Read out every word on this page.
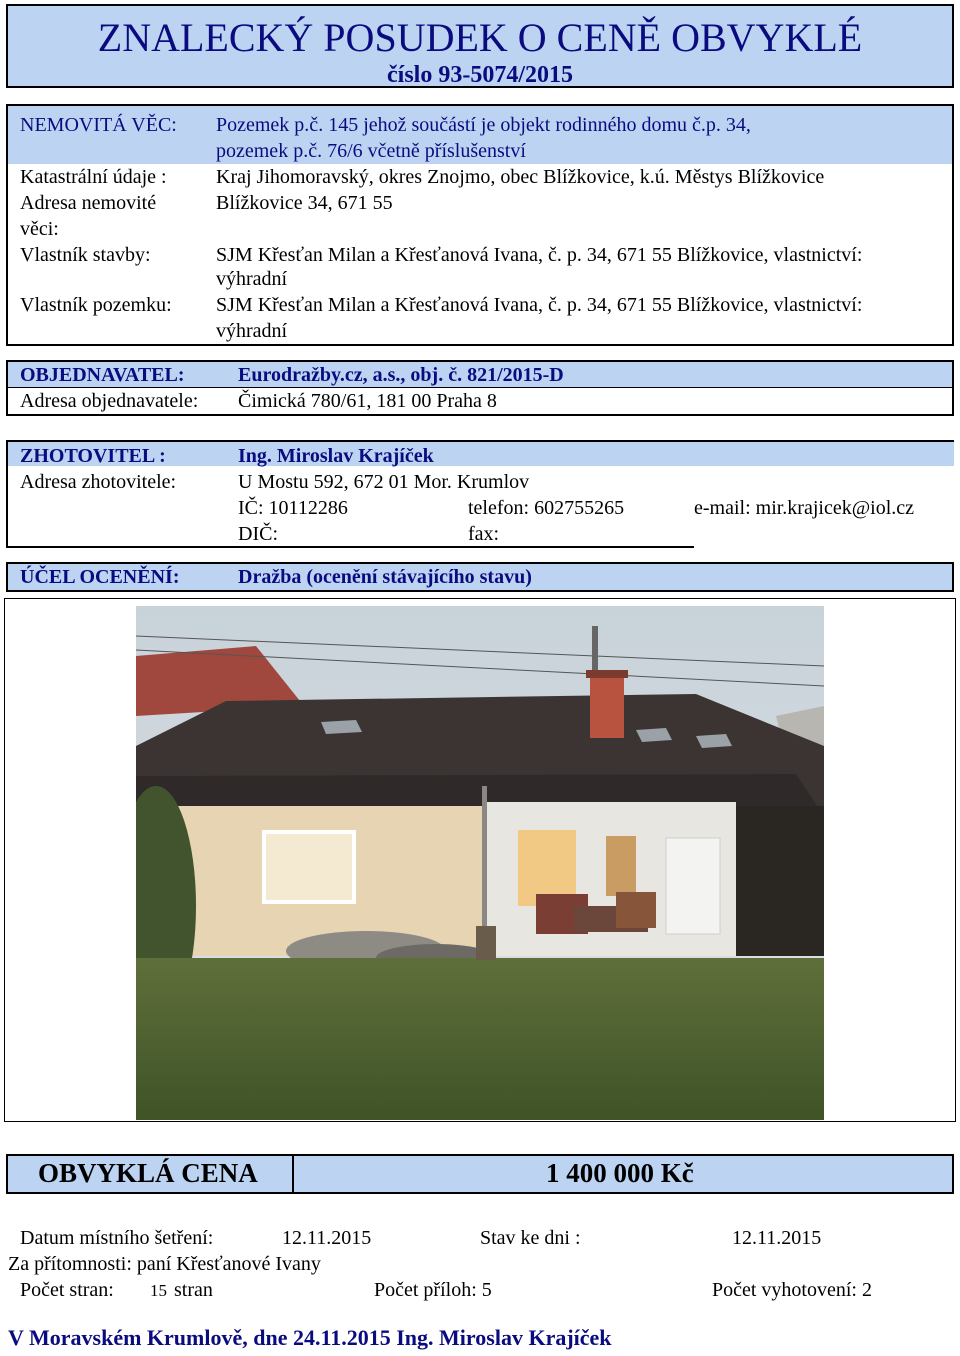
ZNALECKÝ POSUDEK O CENĚ OBVYKLÉ
číslo 93-5074/2015
NEMOVITÁ VĚC: Pozemek p.č. 145 jehož součástí je objekt rodinného domu č.p. 34,
pozemek p.č. 76/6 včetně příslušenství
Katastrální údaje : Kraj Jihomoravský, okres Znojmo, obec Blížkovice, k.ú. Městys Blížkovice
Adresa nemovité
věci:
Blížkovice 34, 671 55
Vlastník stavby:	SJM Křesťan Milan a Křesťanová Ivana, č. p. 34, 671 55 Blížkovice, vlastnictví:
výhradní
Vlastník pozemku: SJM Křesťan Milan a Křesťanová Ivana, č. p. 34, 671 55 Blížkovice, vlastnictví:
výhradní
OBJEDNAVATEL:	Eurodražby.cz, a.s., obj. č. 821/2015-D
Adresa objednavatele: Čimická 780/61, 181 00 Praha 8
ZHOTOVITEL :	Ing. Miroslav Krajíček
Adresa zhotovitele:	U Mostu 592, 672 01 Mor. Krumlov
IČ: 10112286	telefon: 602755265	e-mail: mir.krajicek@iol.cz
DIČ:	fax:
ÚČEL OCENĚNÍ:	Dražba (ocenění stávajícího stavu)
OBVYKLÁ CENA	1 400 000 Kč
Datum místního šetření:	12.11.2015	Stav ke dni :	12.11.2015
Za přítomnosti: paní Křesťanové Ivany
Počet stran: 15 stran	Počet příloh: 5	Počet vyhotovení: 2
V Moravském Krumlově, dne 24.11.2015 Ing. Miroslav Krajíček
